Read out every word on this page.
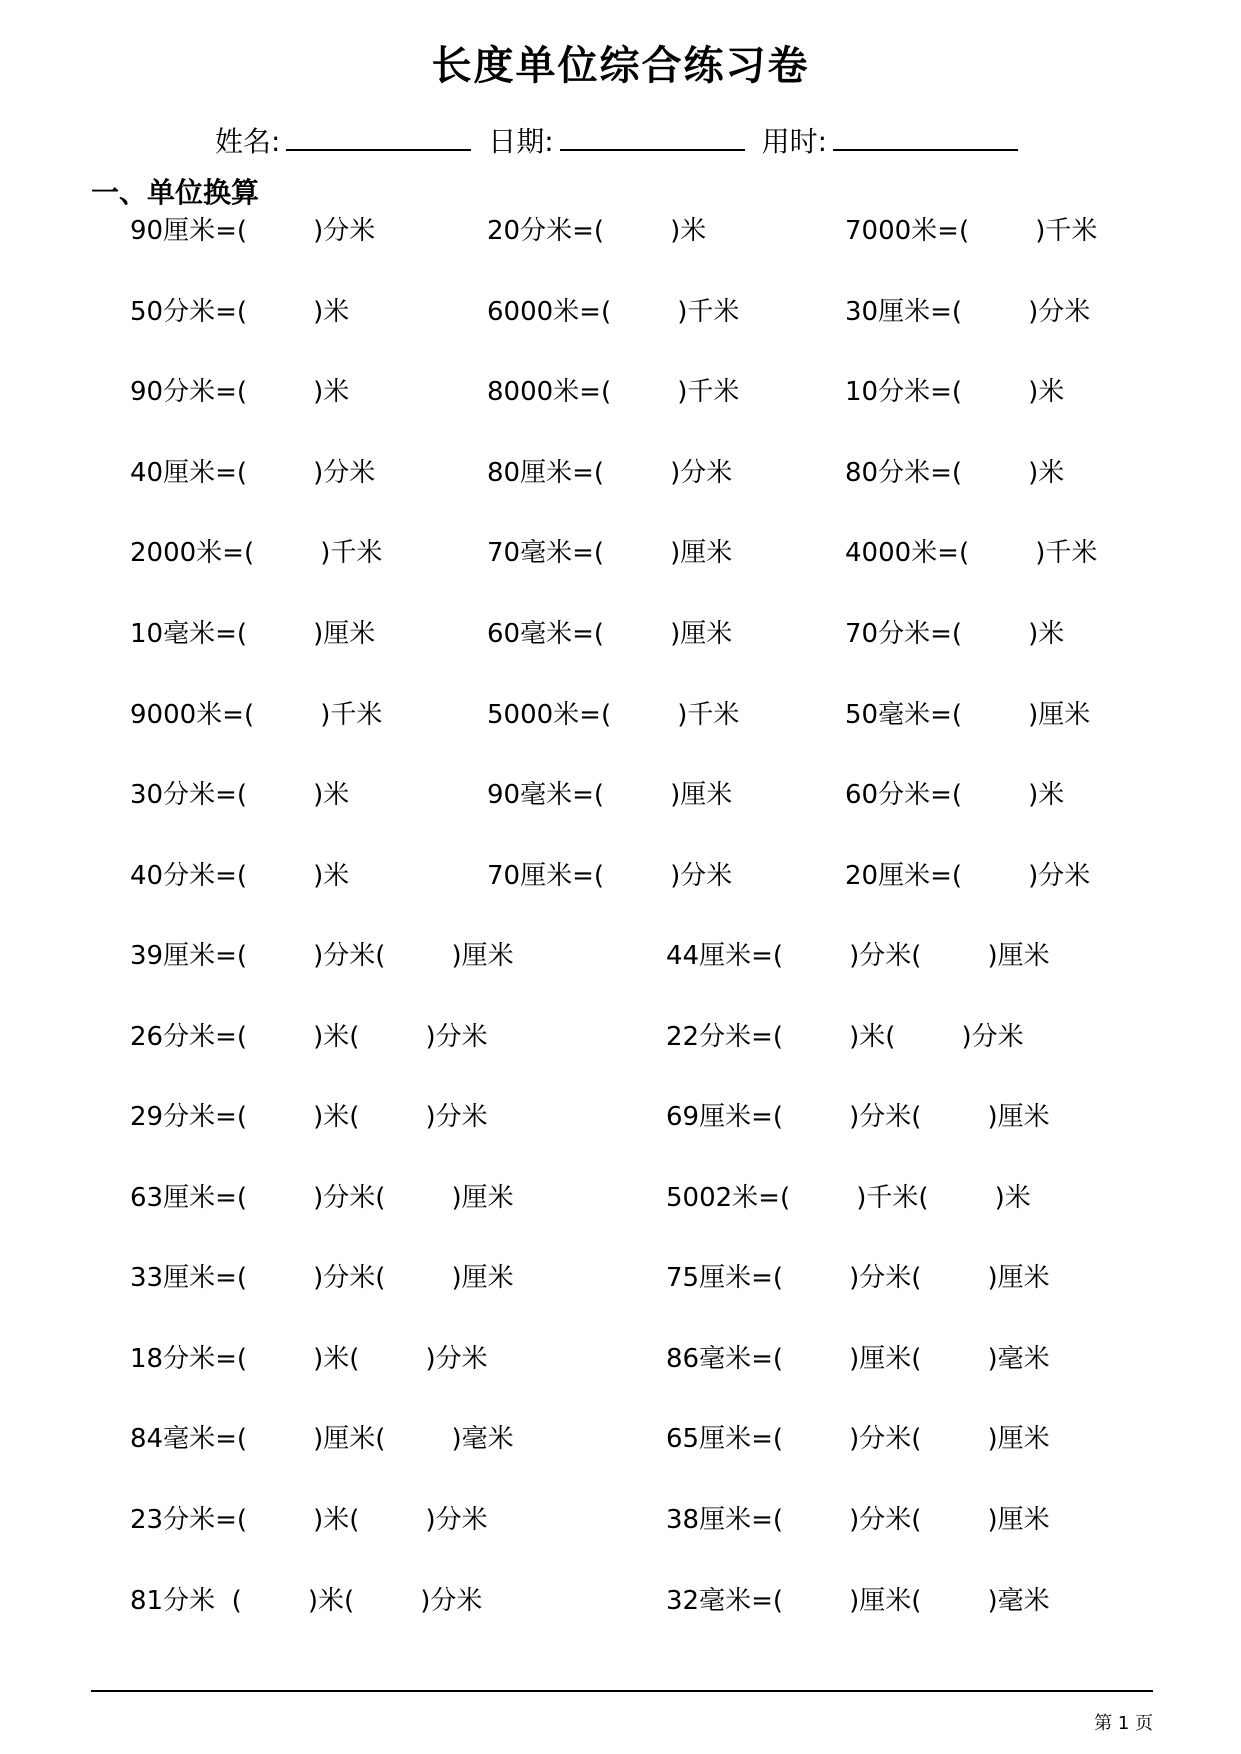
长度单位综合练习卷
姓名:	日期:	用时:
一、单位换算
90厘米=(        )分米	20分米=(        )米	7000米=(        )千米
50分米=(        )米	6000米=(        )千米	30厘米=(        )分米
90分米=(        )米	8000米=(        )千米	10分米=(        )米
40厘米=(        )分米	80厘米=(        )分米	80分米=(        )米
2000米=(        )千米	70毫米=(        )厘米	4000米=(        )千米
10毫米=(        )厘米	60毫米=(        )厘米	70分米=(        )米
9000米=(        )千米	5000米=(        )千米	50毫米=(        )厘米
30分米=(        )米	90毫米=(        )厘米	60分米=(        )米
40分米=(        )米	70厘米=(        )分米	20厘米=(        )分米
39厘米=(        )分米(        )厘米	44厘米=(        )分米(        )厘米
26分米=(        )米(        )分米	22分米=(        )米(        )分米
29分米=(        )米(        )分米	69厘米=(        )分米(        )厘米
63厘米=(        )分米(        )厘米	5002米=(        )千米(        )米
33厘米=(        )分米(        )厘米	75厘米=(        )分米(        )厘米
18分米=(        )米(        )分米	86毫米=(        )厘米(        )毫米
84毫米=(        )厘米(        )毫米	65厘米=(        )分米(        )厘米
23分米=(        )米(        )分米	38厘米=(        )分米(        )厘米
81分米  (        )米(        )分米	32毫米=(        )厘米(        )毫米
第 1 页
